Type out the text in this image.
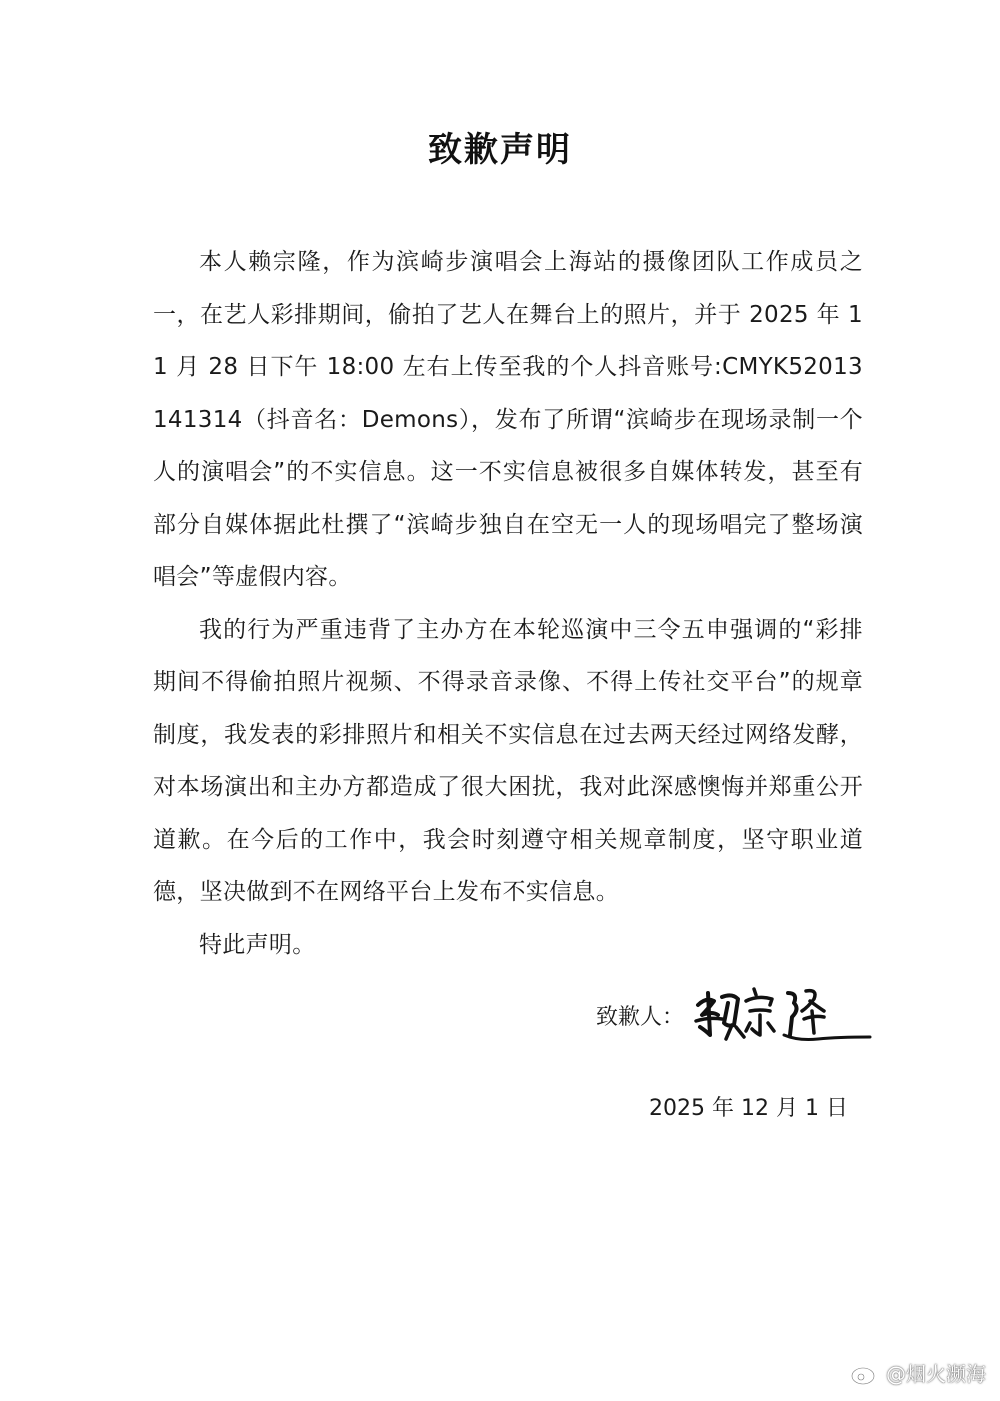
致歉声明

本人赖宗隆，作为滨崎步演唱会上海站的摄像团队工作成员之一，在艺人彩排期间，偷拍了艺人在舞台上的照片，并于 2025 年 11 月 28 日下午 18:00 左右上传至我的个人抖音账号:CMYK52013141314（抖音名：Demons），发布了所谓“滨崎步在现场录制一个人的演唱会”的不实信息。这一不实信息被很多自媒体转发，甚至有部分自媒体据此杜撰了“滨崎步独自在空无一人的现场唱完了整场演唱会”等虚假内容。

我的行为严重违背了主办方在本轮巡演中三令五申强调的“彩排期间不得偷拍照片视频、不得录音录像、不得上传社交平台”的规章制度，我发表的彩排照片和相关不实信息在过去两天经过网络发酵，对本场演出和主办方都造成了很大困扰，我对此深感懊悔并郑重公开道歉。在今后的工作中，我会时刻遵守相关规章制度，坚守职业道德，坚决做到不在网络平台上发布不实信息。

特此声明。

致歉人：
2025 年 12 月 1 日
@烟火濒海
